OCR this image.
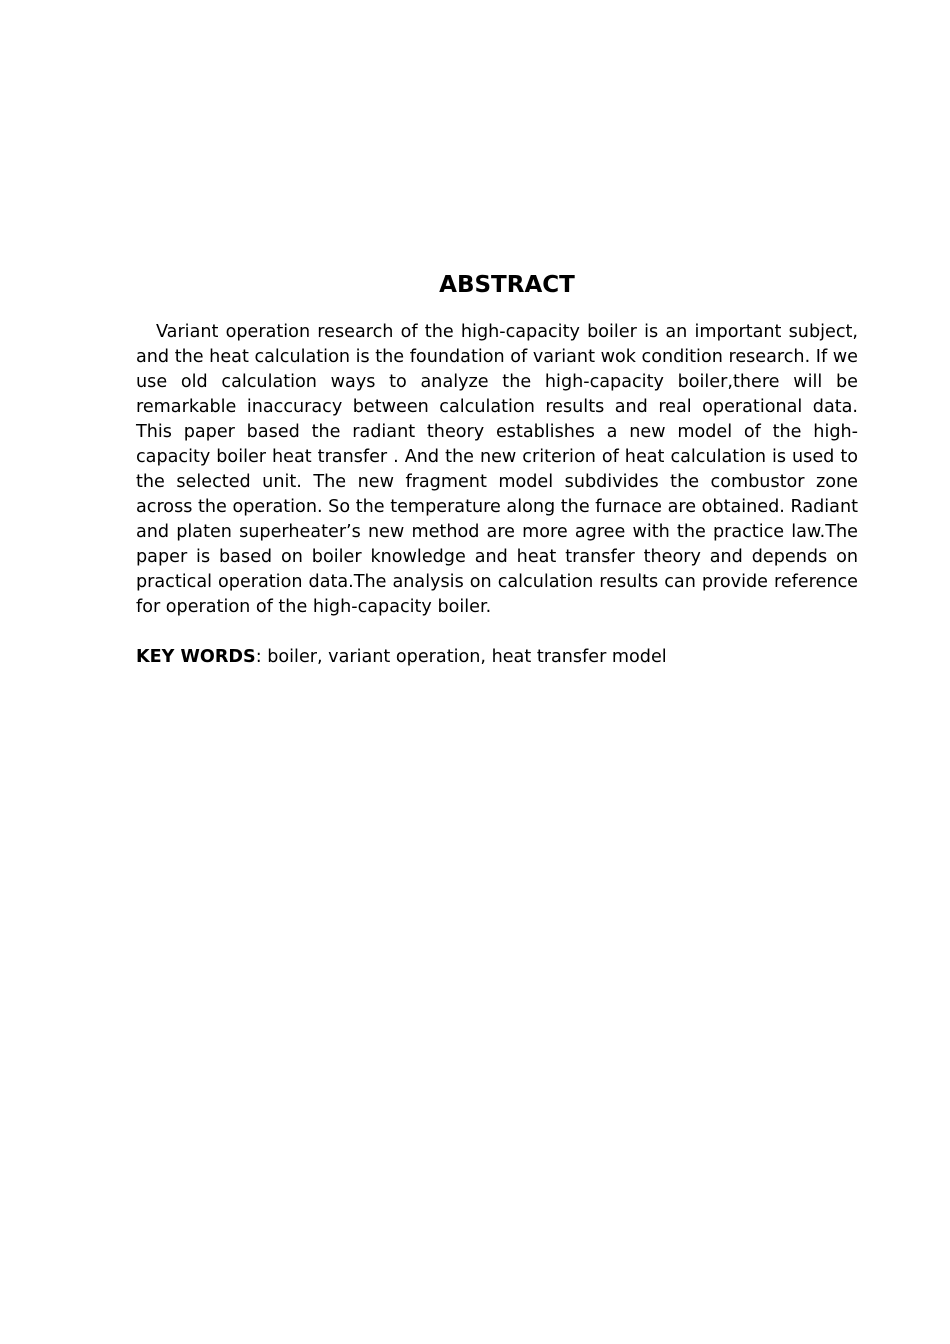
ABSTRACT

Variant operation research of the high-capacity boiler is an important subject, and the heat calculation is the foundation of variant wok condition research. If we use old calculation ways to analyze the high-capacity boiler,there will be remarkable inaccuracy between calculation results and real operational data. This paper based the radiant theory establishes a new model of the high-capacity boiler heat transfer . And the new criterion of heat calculation is used to the selected unit. The new fragment model subdivides the combustor zone across the operation. So the temperature along the furnace are obtained. Radiant and platen superheater’s new method are more agree with the practice law.The paper is based on boiler knowledge and heat transfer theory and depends on practical operation data.The analysis on calculation results can provide reference for operation of the high-capacity boiler.

KEY WORDS: boiler, variant operation, heat transfer model
